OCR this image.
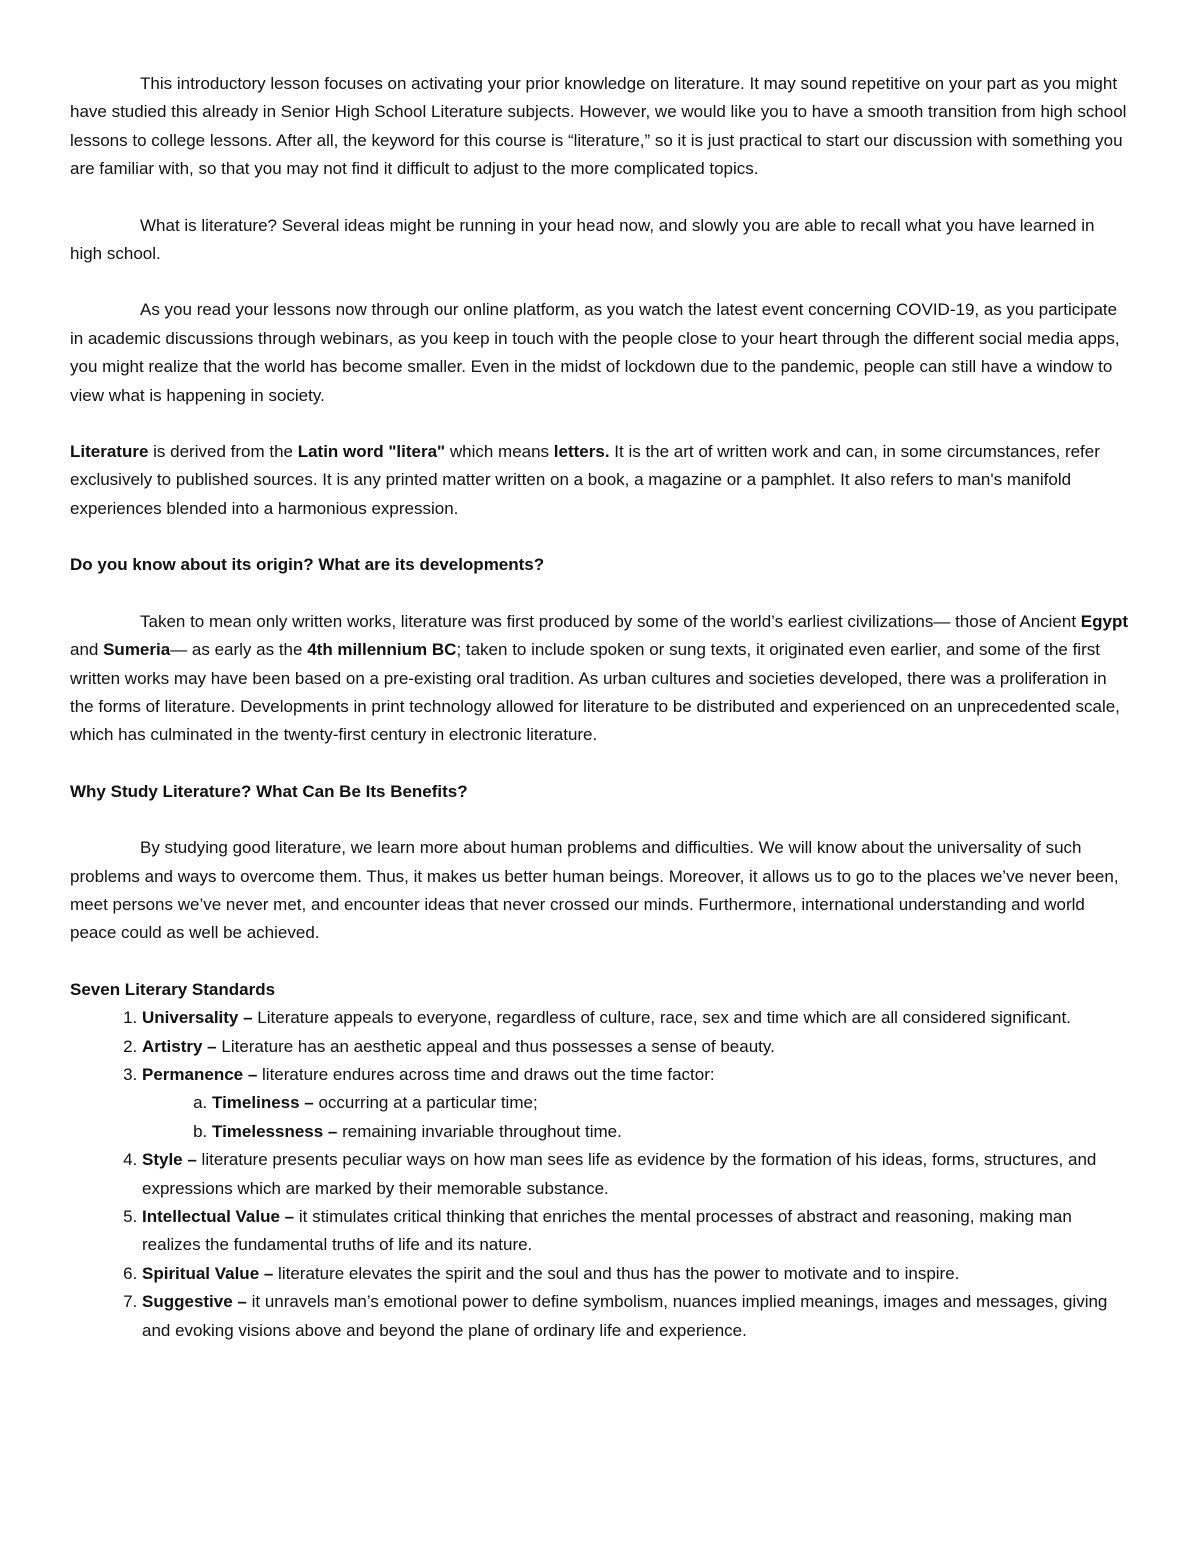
This introductory lesson focuses on activating your prior knowledge on literature. It may sound repetitive on your part as you might have studied this already in Senior High School Literature subjects. However, we would like you to have a smooth transition from high school lessons to college lessons. After all, the keyword for this course is “literature,” so it is just practical to start our discussion with something you are familiar with, so that you may not find it difficult to adjust to the more complicated topics.

What is literature? Several ideas might be running in your head now, and slowly you are able to recall what you have learned in high school.

As you read your lessons now through our online platform, as you watch the latest event concerning COVID-19, as you participate in academic discussions through webinars, as you keep in touch with the people close to your heart through the different social media apps, you might realize that the world has become smaller. Even in the midst of lockdown due to the pandemic, people can still have a window to view what is happening in society.

Literature is derived from the Latin word "litera" which means letters. It is the art of written work and can, in some circumstances, refer exclusively to published sources. It is any printed matter written on a book, a magazine or a pamphlet. It also refers to man's manifold experiences blended into a harmonious expression.

Do you know about its origin? What are its developments?

Taken to mean only written works, literature was first produced by some of the world’s earliest civilizations— those of Ancient Egypt and Sumeria— as early as the 4th millennium BC; taken to include spoken or sung texts, it originated even earlier, and some of the first written works may have been based on a pre-existing oral tradition. As urban cultures and societies developed, there was a proliferation in the forms of literature. Developments in print technology allowed for literature to be distributed and experienced on an unprecedented scale, which has culminated in the twenty-first century in electronic literature.

Why Study Literature? What Can Be Its Benefits?

By studying good literature, we learn more about human problems and difficulties. We will know about the universality of such problems and ways to overcome them. Thus, it makes us better human beings. Moreover, it allows us to go to the places we’ve never been, meet persons we’ve never met, and encounter ideas that never crossed our minds. Furthermore, international understanding and world peace could as well be achieved.

Seven Literary Standards

1. Universality – Literature appeals to everyone, regardless of culture, race, sex and time which are all considered significant.
2. Artistry – Literature has an aesthetic appeal and thus possesses a sense of beauty.
3. Permanence – literature endures across time and draws out the time factor:
a. Timeliness – occurring at a particular time;
b. Timelessness – remaining invariable throughout time.
4. Style – literature presents peculiar ways on how man sees life as evidence by the formation of his ideas, forms, structures, and expressions which are marked by their memorable substance.
5. Intellectual Value – it stimulates critical thinking that enriches the mental processes of abstract and reasoning, making man realizes the fundamental truths of life and its nature.
6. Spiritual Value – literature elevates the spirit and the soul and thus has the power to motivate and to inspire.
7. Suggestive – it unravels man’s emotional power to define symbolism, nuances implied meanings, images and messages, giving and evoking visions above and beyond the plane of ordinary life and experience.
